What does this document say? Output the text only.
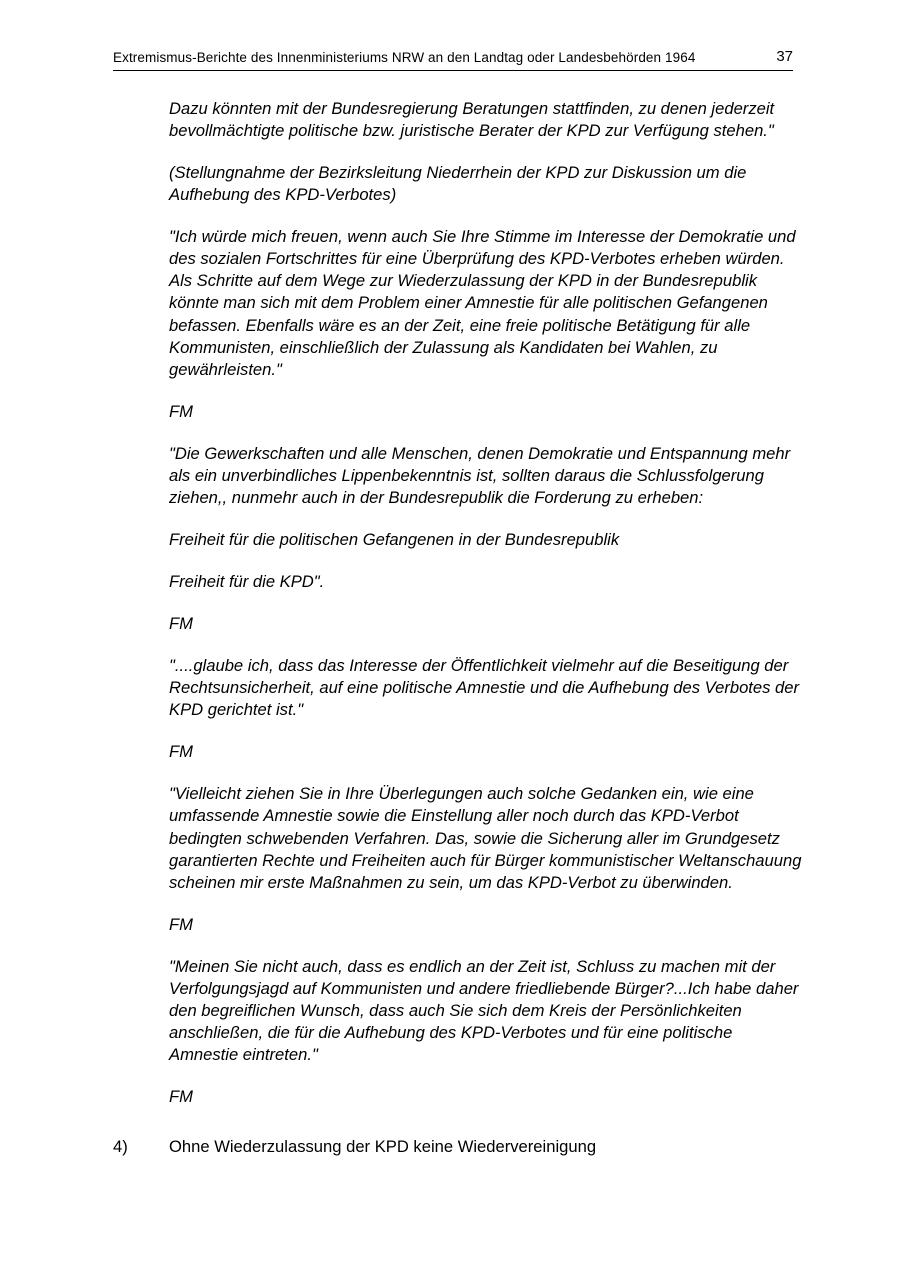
Extremismus-Berichte des Innenministeriums NRW an den Landtag oder Landesbehörden 1964	37

Dazu könnten mit der Bundesregierung Beratungen stattfinden, zu denen jederzeit bevollmächtigte politische bzw. juristische Berater der KPD zur Verfügung stehen."

(Stellungnahme der Bezirksleitung Niederrhein der KPD zur Diskussion um die Aufhebung des KPD-Verbotes)

"Ich würde mich freuen, wenn auch Sie Ihre Stimme im Interesse der Demokratie und des sozialen Fortschrittes für eine Überprüfung des KPD-Verbotes erheben würden. Als Schritte auf dem Wege zur Wiederzulassung der KPD in der Bundesrepublik könnte man sich mit dem Problem einer Amnestie für alle politischen Gefangenen befassen. Ebenfalls wäre es an der Zeit, eine freie politische Betätigung für alle Kommunisten, einschließlich der Zulassung als Kandidaten bei Wahlen, zu gewährleisten."

FM

"Die Gewerkschaften und alle Menschen, denen Demokratie und Entspannung mehr als ein unverbindliches Lippenbekenntnis ist, sollten daraus die Schlussfolgerung ziehen,, nunmehr auch in der Bundesrepublik die Forderung zu erheben:

Freiheit für die politischen Gefangenen in der Bundesrepublik

Freiheit für die KPD".

FM

"....glaube ich, dass das Interesse der Öffentlichkeit vielmehr auf die Beseitigung der Rechtsunsicherheit, auf eine politische Amnestie und die Aufhebung des Verbotes der KPD gerichtet ist."

FM

"Vielleicht ziehen Sie in Ihre Überlegungen auch solche Gedanken ein, wie eine umfassende Amnestie sowie die Einstellung aller noch durch das KPD-Verbot bedingten schwebenden Verfahren. Das, sowie die Sicherung aller im Grundgesetz garantierten Rechte und Freiheiten auch für Bürger kommunistischer Weltanschauung scheinen mir erste Maßnahmen zu sein, um das KPD-Verbot zu überwinden.

FM

"Meinen Sie nicht auch, dass es endlich an der Zeit ist, Schluss zu machen mit der Verfolgungsjagd auf Kommunisten und andere friedliebende Bürger?...Ich habe daher den begreiflichen Wunsch, dass auch Sie sich dem Kreis der Persönlichkeiten anschließen, die für die Aufhebung des KPD-Verbotes und für eine politische Amnestie eintreten."

FM

4)	Ohne Wiederzulassung der KPD keine Wiedervereinigung
